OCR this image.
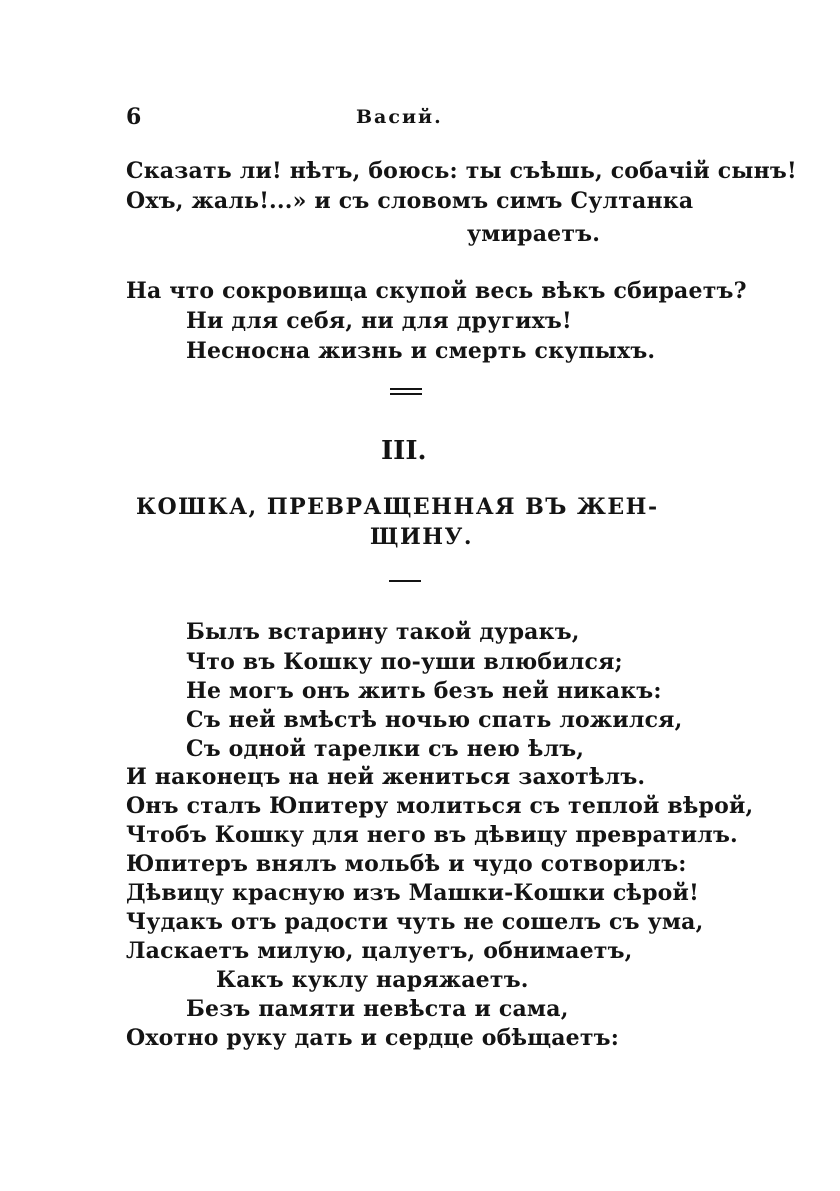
6	Васий.
Сказать ли! нѣтъ, боюсь: ты съѣшь, собачій сынъ!
Охъ, жаль!...» и съ словомъ симъ Султанка
умираетъ.
На что сокровища скупой весь вѣкъ сбираетъ?
Ни для себя, ни для другихъ!
Несносна жизнь и смерть скупыхъ.
III.
КОШКА, ПРЕВРАЩЕННАЯ ВЪ ЖЕН-
ЩИНУ.
Былъ встарину такой дуракъ,
Что въ Кошку по-уши влюбился;
Не могъ онъ жить безъ ней никакъ:
Съ ней вмѣстѣ ночью спать ложился,
Съ одной тарелки съ нею ѣлъ,
И наконецъ на ней жениться захотѣлъ.
Онъ сталъ Юпитеру молиться съ теплой вѣрой,
Чтобъ Кошку для него въ дѣвицу превратилъ.
Юпитеръ внялъ мольбѣ и чудо сотворилъ:
Дѣвицу красную изъ Машки-Кошки сѣрой!
Чудакъ отъ радости чуть не сошелъ съ ума,
Ласкаетъ милую, цалуетъ, обнимаетъ,
Какъ куклу наряжаетъ.
Безъ памяти невѣста и сама,
Охотно руку дать и сердце обѣщаетъ:
